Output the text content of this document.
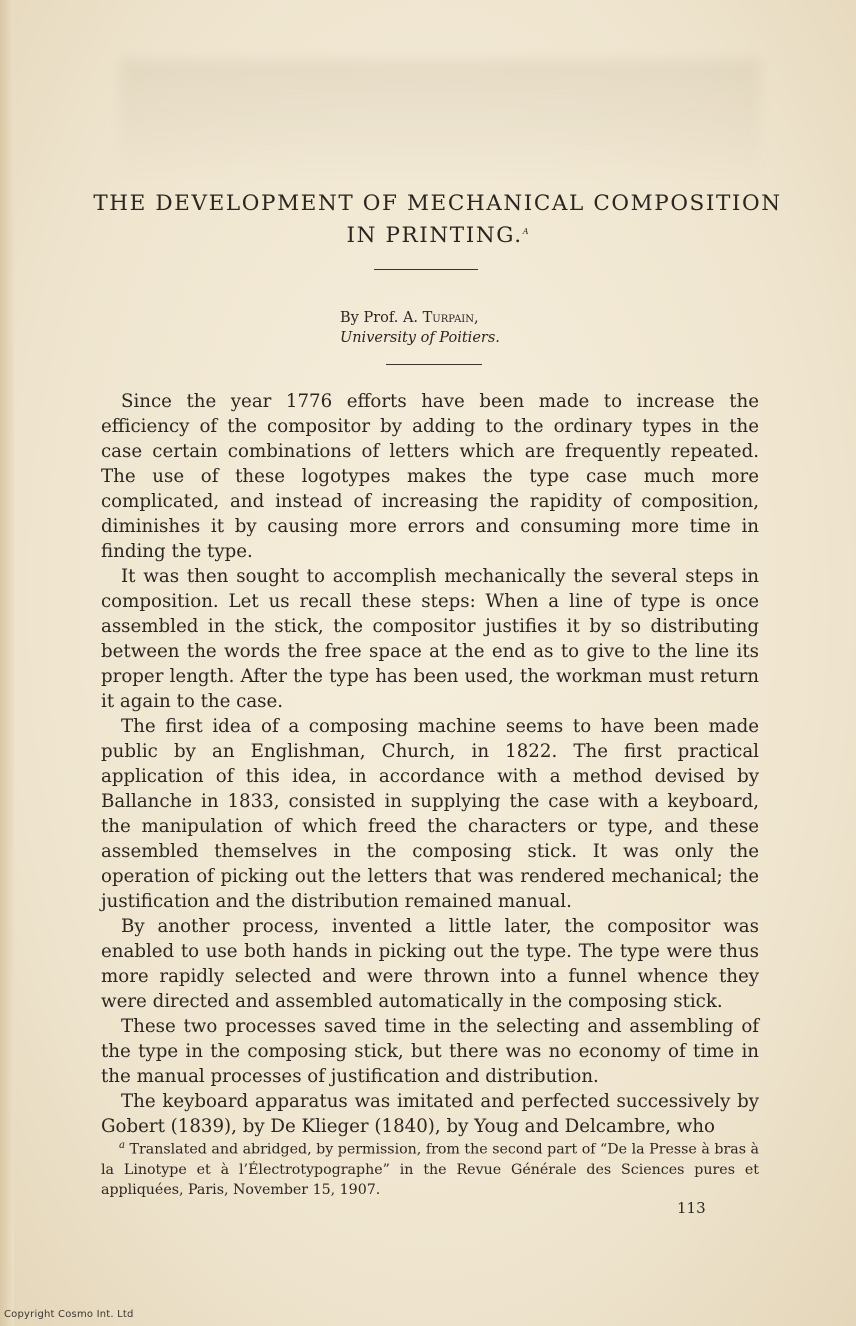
THE DEVELOPMENT OF MECHANICAL COMPOSITION
IN PRINTING.$^a$
By Prof. A. Turpain,
University of Poitiers.

Since the year 1776 efforts have been made to increase the efficiency of the compositor by adding to the ordinary types in the case certain combinations of letters which are frequently repeated. The use of these logotypes makes the type case much more complicated, and instead of increasing the rapidity of composition, diminishes it by causing more errors and consuming more time in finding the type.

It was then sought to accomplish mechanically the several steps in composition. Let us recall these steps: When a line of type is once assembled in the stick, the compositor justifies it by so distributing between the words the free space at the end as to give to the line its proper length. After the type has been used, the workman must return it again to the case.

The first idea of a composing machine seems to have been made public by an Englishman, Church, in 1822. The first practical application of this idea, in accordance with a method devised by Ballanche in 1833, consisted in supplying the case with a keyboard, the manipulation of which freed the characters or type, and these assembled themselves in the composing stick. It was only the operation of picking out the letters that was rendered mechanical; the justification and the distribution remained manual.

By another process, invented a little later, the compositor was enabled to use both hands in picking out the type. The type were thus more rapidly selected and were thrown into a funnel whence they were directed and assembled automatically in the composing stick.

These two processes saved time in the selecting and assembling of the type in the composing stick, but there was no economy of time in the manual processes of justification and distribution.

The keyboard apparatus was imitated and perfected successively by Gobert (1839), by De Klieger (1840), by Youg and Delcambre, who

$^a$ Translated and abridged, by permission, from the second part of “De la Presse à bras à la Linotype et à l’Électrotypographe” in the Revue Générale des Sciences pures et appliquées, Paris, November 15, 1907.

113
Copyright Cosmo Int. Ltd
